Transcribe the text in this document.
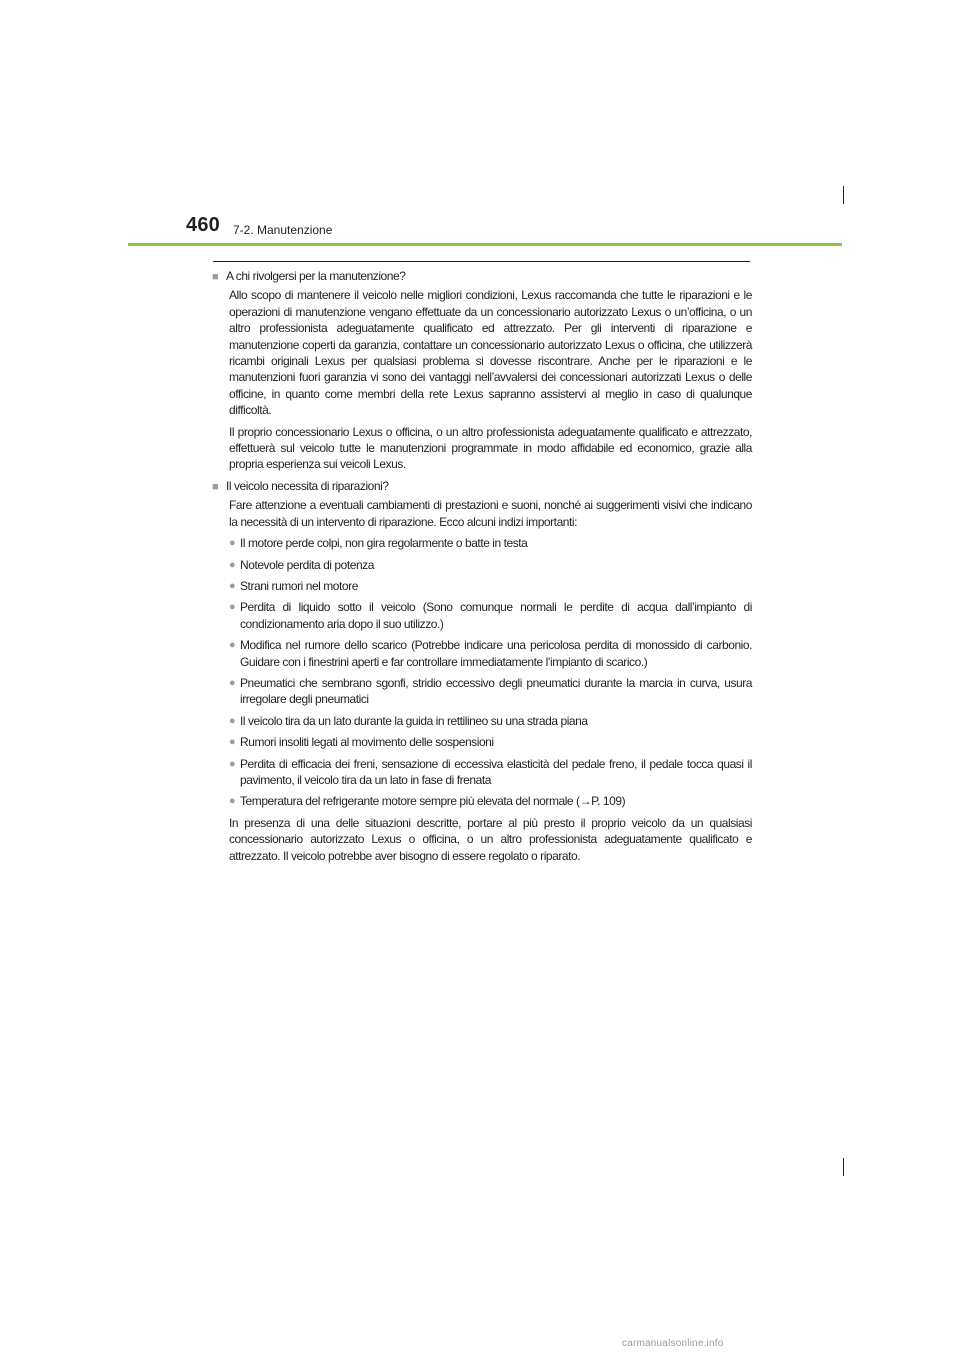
460 7-2. Manutenzione
■ A chi rivolgersi per la manutenzione?

Allo scopo di mantenere il veicolo nelle migliori condizioni, Lexus raccomanda che tutte le riparazioni e le operazioni di manutenzione vengano effettuate da un concessionario autorizzato Lexus o un’officina, o un altro professionista adeguatamente qualificato ed attrezzato. Per gli interventi di riparazione e manutenzione coperti da garanzia, contattare un concessionario autorizzato Lexus o officina, che utilizzerà ricambi originali Lexus per qualsiasi problema si dovesse riscontrare. Anche per le riparazioni e le manutenzioni fuori garanzia vi sono dei vantaggi nell’avvalersi dei concessionari autorizzati Lexus o delle officine, in quanto come membri della rete Lexus sapranno assistervi al meglio in caso di qualunque difficoltà.

Il proprio concessionario Lexus o officina, o un altro professionista adeguatamente qualificato e attrezzato, effettuerà sul veicolo tutte le manutenzioni programmate in modo affidabile ed economico, grazie alla propria esperienza sui veicoli Lexus.

■ Il veicolo necessita di riparazioni?

Fare attenzione a eventuali cambiamenti di prestazioni e suoni, nonché ai suggerimenti visivi che indicano la necessità di un intervento di riparazione. Ecco alcuni indizi importanti:

● Il motore perde colpi, non gira regolarmente o batte in testa
● Notevole perdita di potenza
● Strani rumori nel motore
● Perdita di liquido sotto il veicolo (Sono comunque normali le perdite di acqua dall’impianto di condizionamento aria dopo il suo utilizzo.)
● Modifica nel rumore dello scarico (Potrebbe indicare una pericolosa perdita di monossido di carbonio. Guidare con i finestrini aperti e far controllare immediatamente l’impianto di scarico.)
● Pneumatici che sembrano sgonfi, stridio eccessivo degli pneumatici durante la marcia in curva, usura irregolare degli pneumatici
● Il veicolo tira da un lato durante la guida in rettilineo su una strada piana
● Rumori insoliti legati al movimento delle sospensioni
● Perdita di efficacia dei freni, sensazione di eccessiva elasticità del pedale freno, il pedale tocca quasi il pavimento, il veicolo tira da un lato in fase di frenata
● Temperatura del refrigerante motore sempre più elevata del normale (→P. 109)

In presenza di una delle situazioni descritte, portare al più presto il proprio veicolo da un qualsiasi concessionario autorizzato Lexus o officina, o un altro professionista adeguatamente qualificato e attrezzato. Il veicolo potrebbe aver bisogno di essere regolato o riparato.

carmanualsonline.info
